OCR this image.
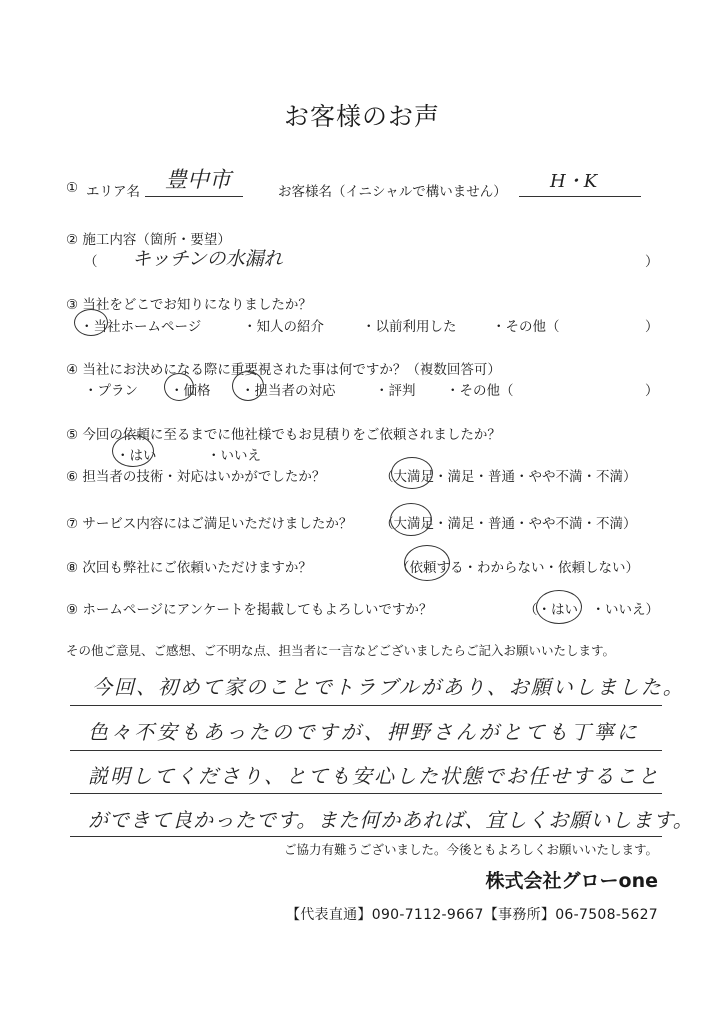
お客様のお声
① エリア名 豊中市	お客様名（イニシャルで構いません） H・K
② 施工内容（箇所・要望）
（ キッチンの水漏れ	）
③ 当社をどこでお知りになりましたか？
・当社ホームページ	・知人の紹介	・以前利用した	・その他（	）
④ 当社にお決めになる際に重要視された事は何ですか？（複数回答可）
・プラン ・価格 ・担当者の対応	・評判 ・その他（	）
⑤ 今回の依頼に至るまでに他社様でもお見積りをご依頼されましたか？
・はい	・いいえ
⑥ 担当者の技術・対応はいかがでしたか？	（大満足・満足・普通・やや不満・不満）
⑦ サービス内容にはご満足いただけましたか？ （大満足・満足・普通・やや不満・不満）
⑧ 次回も弊社にご依頼いただけますか？	（依頼する・わからない・依頼しない）
⑨ ホームページにアンケートを掲載してもよろしいですか？	（・はい　・いいえ）
その他ご意見、ご感想、ご不明な点、担当者に一言などございましたらご記入お願いいたします。
今回、初めて家のことでトラブルがあり、お願いしました。
色々不安もあったのですが、押野さんがとても丁寧に
説明してくださり、とても安心した状態でお任せすること
ができて良かったです。また何かあれば、宜しくお願いします。
ご協力有難うございました。今後ともよろしくお願いいたします。
株式会社グローone
【代表直通】090-7112-9667【事務所】06-7508-5627
